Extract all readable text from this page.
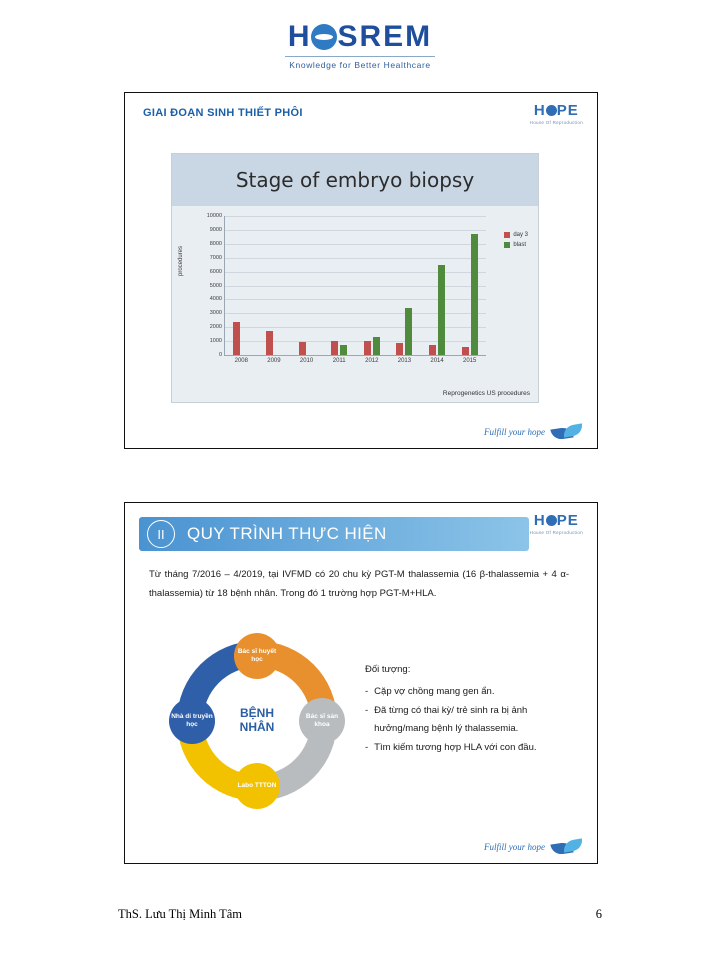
H SREM
Knowledge for Better Healthcare
GIAI ĐOẠN SINH THIẾT PHÔI	H PE
House Of Reproduction
Stage of embryo biopsy
procedures
0
1000
2000
3000
4000
5000
6000
7000
8000
9000
10000
2008	2009	2010	2011	2012	2013	2014	2015
day 3
blast
Reprogenetics US procedures
Fulfill your hope
II	QUY TRÌNH THỰC HIỆN
H PE
House Of Reproduction
Từ tháng 7/2016 – 4/2019, tại IVFMD có 20 chu kỳ PGT-M thalassemia (16 β-thalassemia + 4 α-thalassemia) từ 18 bệnh nhân. Trong đó 1 trường hợp PGT-M+HLA.
BỆNH
NHÂN
Bác sĩ huyết học
Bác sĩ sản khoa
Labo TTTON
Nhà di truyền học
Đối tượng:
- Cặp vợ chồng mang gen ẩn.
- Đã từng có thai kỳ/ trẻ sinh ra bị ảnh hưởng/mang bệnh lý thalassemia.
- Tìm kiếm tương hợp HLA với con đầu.
Fulfill your hope
ThS. Lưu Thị Minh Tâm	6
